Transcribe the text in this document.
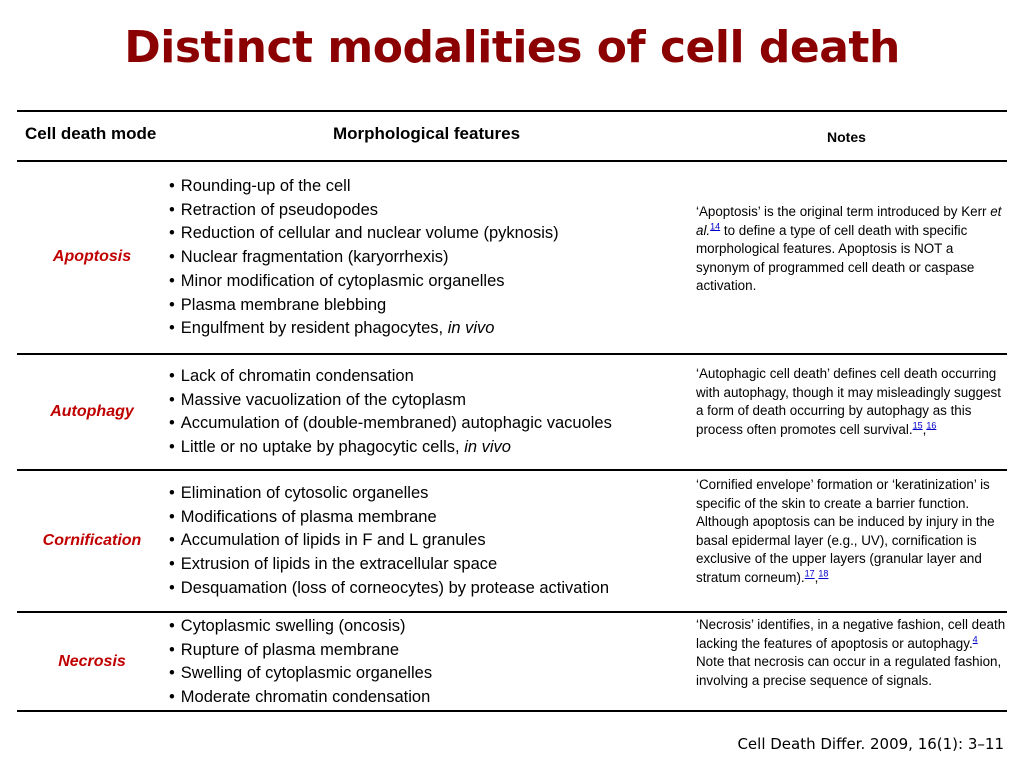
Distinct modalities of cell death
Cell death mode	Morphological features	Notes
Apoptosis
• Rounding-up of the cell
• Retraction of pseudopodes
• Reduction of cellular and nuclear volume (pyknosis)
• Nuclear fragmentation (karyorrhexis)
• Minor modification of cytoplasmic organelles
• Plasma membrane blebbing
• Engulfment by resident phagocytes, in vivo
‘Apoptosis’ is the original term introduced by Kerr et al.$^{14}$ to define a type of cell death with specific morphological features. Apoptosis is NOT a synonym of programmed cell death or caspase activation.
Autophagy
• Lack of chromatin condensation
• Massive vacuolization of the cytoplasm
• Accumulation of (double-membraned) autophagic vacuoles
• Little or no uptake by phagocytic cells, in vivo
‘Autophagic cell death’ defines cell death occurring with autophagy, though it may misleadingly suggest a form of death occurring by autophagy as this process often promotes cell survival.$^{15}$,$^{16}$
Cornification
• Elimination of cytosolic organelles
• Modifications of plasma membrane
• Accumulation of lipids in F and L granules
• Extrusion of lipids in the extracellular space
• Desquamation (loss of corneocytes) by protease activation
‘Cornified envelope’ formation or ‘keratinization’ is specific of the skin to create a barrier function. Although apoptosis can be induced by injury in the basal epidermal layer (e.g., UV), cornification is exclusive of the upper layers (granular layer and stratum corneum).$^{17}$,$^{18}$
Necrosis
• Cytoplasmic swelling (oncosis)
• Rupture of plasma membrane
• Swelling of cytoplasmic organelles
• Moderate chromatin condensation
‘Necrosis’ identifies, in a negative fashion, cell death lacking the features of apoptosis or autophagy.$^4$ Note that necrosis can occur in a regulated fashion, involving a precise sequence of signals.
Cell Death Differ. 2009, 16(1): 3–11
